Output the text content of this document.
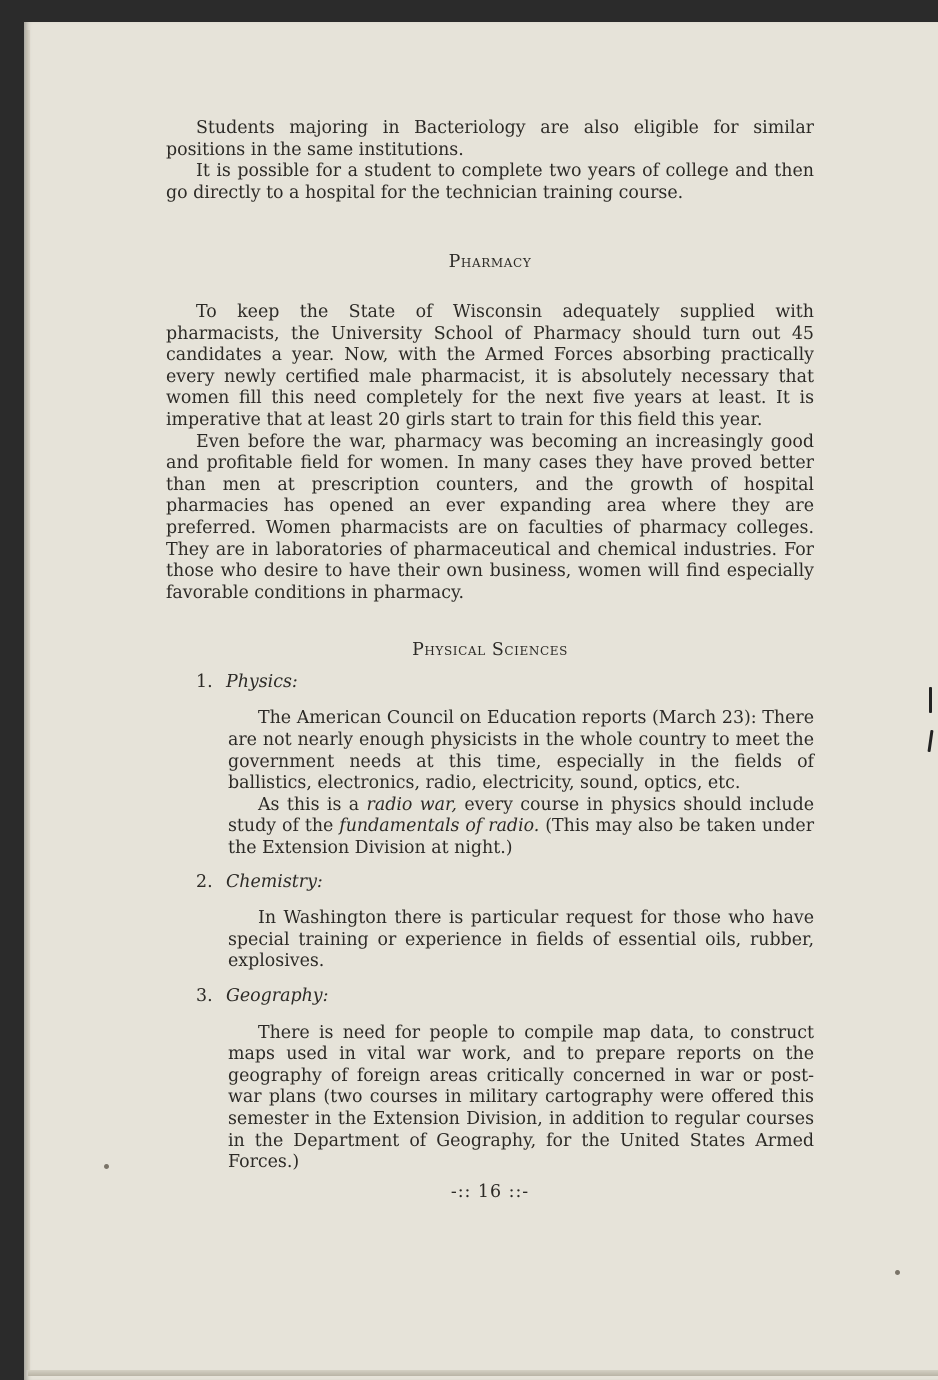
Students majoring in Bacteriology are also eligible for similar positions in the same institutions.

It is possible for a student to complete two years of college and then go directly to a hospital for the technician training course.

Pharmacy

To keep the State of Wisconsin adequately supplied with pharmacists, the University School of Pharmacy should turn out 45 candidates a year. Now, with the Armed Forces absorbing practically every newly certified male pharmacist, it is absolutely necessary that women fill this need completely for the next five years at least. It is imperative that at least 20 girls start to train for this field this year.

Even before the war, pharmacy was becoming an increasingly good and profitable field for women. In many cases they have proved better than men at prescription counters, and the growth of hospital pharmacies has opened an ever expanding area where they are preferred. Women pharmacists are on faculties of pharmacy colleges. They are in laboratories of pharmaceutical and chemical industries. For those who desire to have their own business, women will find especially favorable conditions in pharmacy.

Physical Sciences
1. Physics:

The American Council on Education reports (March 23): There are not nearly enough physicists in the whole country to meet the government needs at this time, especially in the fields of ballistics, electronics, radio, electricity, sound, optics, etc.

As this is a radio war, every course in physics should include study of the fundamentals of radio. (This may also be taken under the Extension Division at night.)

2. Chemistry:

In Washington there is particular request for those who have special training or experience in fields of essential oils, rubber, explosives.

3. Geography:

There is need for people to compile map data, to construct maps used in vital war work, and to prepare reports on the geography of foreign areas critically concerned in war or post-war plans (two courses in military cartography were offered this semester in the Extension Division, in addition to regular courses in the Department of Geography, for the United States Armed Forces.)

-:: 16 ::-
